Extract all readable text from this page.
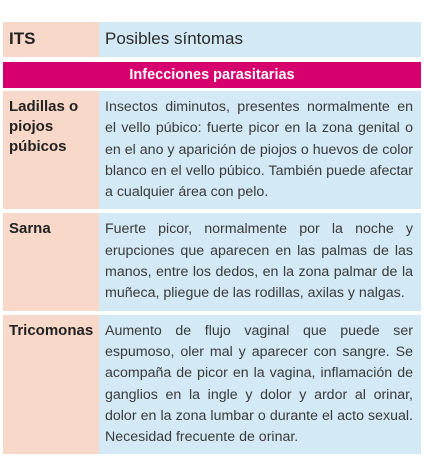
ITS	Posibles síntomas
Infecciones parasitarias
Ladillas o piojos púbicos
Insectos diminutos, presentes normalmente en el vello púbico: fuerte picor en la zona genital o en el ano y aparición de piojos o huevos de color blanco en el vello púbico. También puede afectar a cualquier área con pelo.
Sarna	Fuerte picor, normalmente por la noche y erupciones que aparecen en las palmas de las manos, entre los dedos, en la zona palmar de la muñeca, pliegue de las rodillas, axilas y nalgas.
Tricomonas Aumento de flujo vaginal que puede ser espumoso, oler mal y aparecer con sangre. Se acompaña de picor en la vagina, inflamación de ganglios en la ingle y dolor y ardor al orinar, dolor en la zona lumbar o durante el acto sexual. Necesidad frecuente de orinar.
